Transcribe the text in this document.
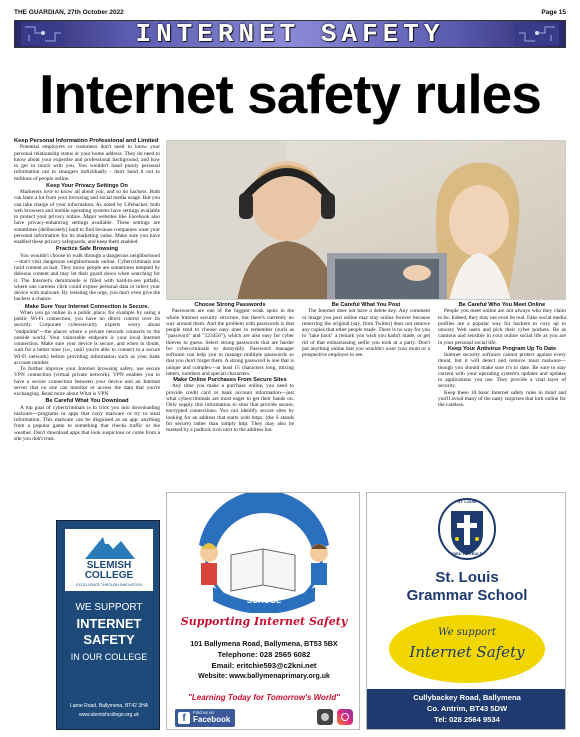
THE GUARDIAN, 27th October 2022	Page 15
INTERNET SAFETY
Internet safety rules

Keep Personal Information Professional and Limited

Potential employers or customers don't need to know your personal relationship status or your home address. They do need to know about your expertise and professional background, and how to get in touch with you. You wouldn't hand purely personal information out to strangers individually - don't hand it out to millions of people online.

Keep Your Privacy Settings On

Marketers love to know all about you, and so do hackers. Both can learn a lot from your browsing and social media usage. But you can take charge of your information. As noted by Lifehacker, both web browsers and mobile operating systems have settings available to protect your privacy online. Major websites like Facebook also have privacy-enhancing settings available. These settings are sometimes (deliberately) hard to find because companies want your personal information for its marketing value. Make sure you have enabled these privacy safeguards, and keep them enabled.

Practice Safe Browsing

You wouldn't choose to walk through a dangerous neighborhood—don't visit dangerous neighborhoods online. Cybercriminals use lurid content as bait. They know people are sometimes tempted by dubious content and may let their guard down when searching for it. The Internet's demimonde is filled with hard-to-see pitfalls, where one careless click could expose personal data or infect your device with malware. By resisting the urge, you don't even give the hackers a chance.

Make Sure Your Internet Connection is Secure.

When you go online in a public place, for example by using a public Wi-Fi connection, you have no direct control over its security. Corporate cybersecurity experts worry about "endpoints"—the places where a private network connects to the outside world. Your vulnerable endpoint is your local Internet connection. Make sure your device is secure, and when in doubt, wait for a better time (i.e., until you're able to connect to a secure Wi-Fi network) before providing information such as your bank account number.

To further improve your Internet browsing safety, use secure VPN connection (virtual private network). VPN enables you to have a secure connection between your device and an Internet server that no one can monitor or access the data that you're exchanging. Read more about What is VPN

Be Careful What You Download

A top goal of cybercriminals is to trick you into downloading malware—programs or apps that carry malware or try to steal information. This malware can be disguised as an app: anything from a popular game to something that checks traffic or the weather. Don't download apps that look suspicious or come from a site you don't trust.

Choose Strong Passwords

Passwords are one of the biggest weak spots in the whole Internet security structure, but there's currently no way around them. And the problem with passwords is that people tend to choose easy ones to remember (such as "password" and "123456"), which are also easy for cyber thieves to guess. Select strong passwords that are harder for cybercriminals to demystify. Password manager software can help you to manage multiple passwords so that you don't forget them. A strong password is one that is unique and complex—at least 15 characters long, mixing letters, numbers and special characters.

Make Online Purchases From Secure Sites

Any time you make a purchase online, you need to provide credit card or bank account information—just what cybercriminals are most eager to get their hands on. Only supply this information to sites that provide secure, encrypted connections. You can identify secure sites by looking for an address that starts with https: (the S stands for secure) rather than simply http: They may also be marked by a padlock icon next to the address bar.

Be Careful What You Post

The Internet does not have a delete key. Any comment or image you post online may stay online forever because removing the original (say, from Twitter) does not remove any copies that other people made. There is no way for you to "take back" a remark you wish you hadn't made, or get rid of that embarrassing selfie you took at a party. Don't put anything online that you wouldn't want your mum or a prospective employer to see.

Be Careful Who You Meet Online

People you meet online are not always who they claim to be. Indeed, they may not even be real. Fake social media profiles are a popular way for hackers to cozy up to unwary Web users and pick their cyber pockets. Be as cautious and sensible in your online social life as you are in your personal social life.

Keep Your Antivirus Program Up To Date

Internet security software cannot protect against every threat, but it will detect and remove most malware—though you should make sure it's to date. Be sure to stay current with your operating system's updates and updates to applications you use. They provide a vital layer of security.

Keep these 10 basic Internet safety rules in mind and you'll avoid many of the nasty surprises that lurk online for the careless.

SLEMISH
COLLEGE
EXCELLENCE THROUGH INNOVATION
WE SUPPORT
INTERNET
SAFETY
IN OUR COLLEGE
Larne Road, Ballymena, BT42 3HA
www.slemishcollege.org.uk
BALLYMENA PRIMARY
SCHOOL
Supporting Internet Safety
101 Ballymena Road, Ballymena, BT53 5BX
Telephone: 028 2565 6082
Email: eritchie593@c2kni.net
Website: www.ballymenaprimary.org.uk
"Learning Today for Tomorrow's World"
f
Find us on
Facebook
ST. LOUIS
DIEU LE VEULT
St. Louis
Grammar School
We support
Internet Safety
Cullybackey Road, Ballymena
Co. Antrim, BT43 5DW
Tel: 028 2564 9534
